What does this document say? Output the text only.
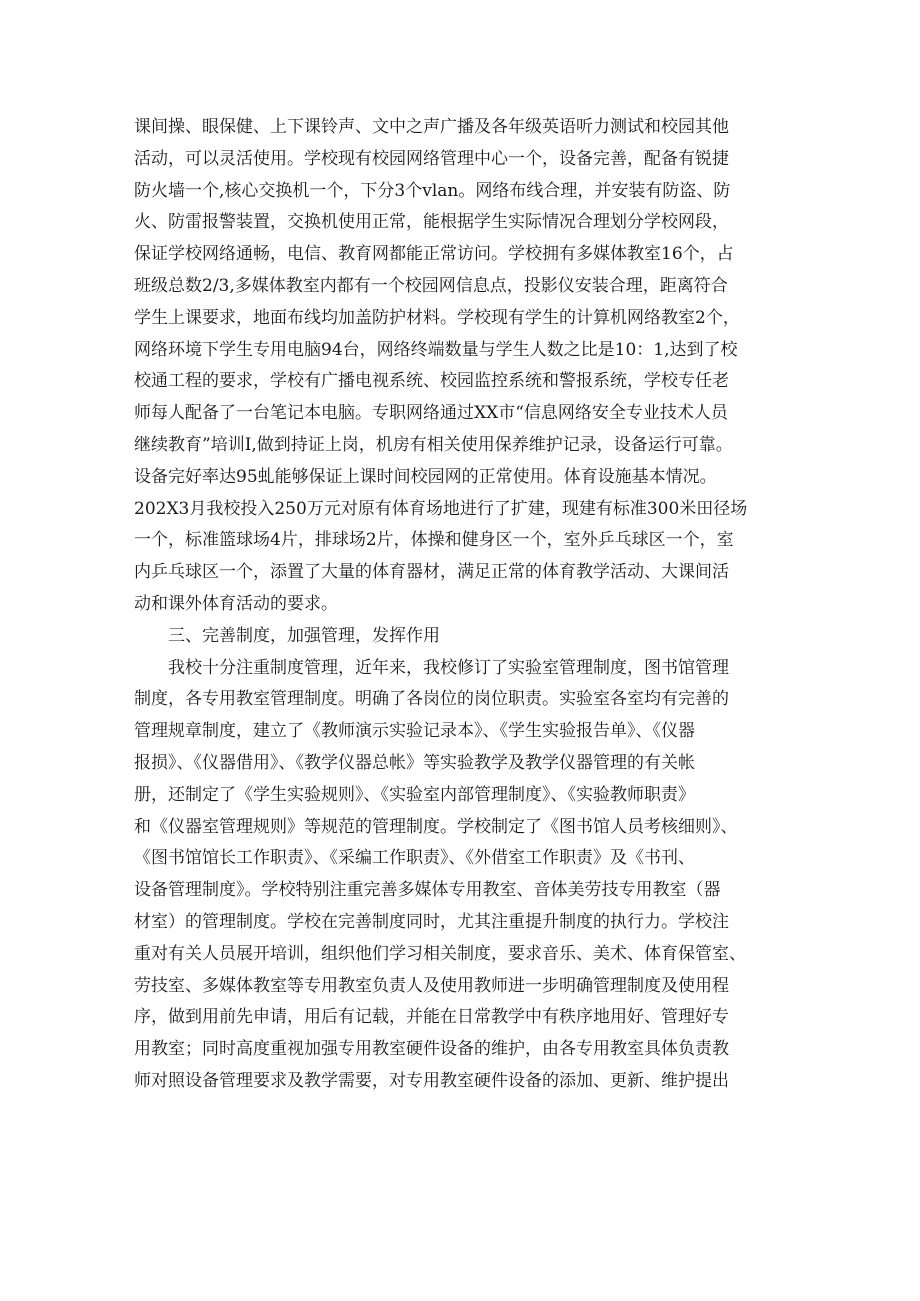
课间操、眼保健、上下课铃声、文中之声广播及各年级英语听力测试和校园其他
活动，可以灵活使用。学校现有校园网络管理中心一个，设备完善，配备有锐捷
防火墙一个,核心交换机一个，下分3个vlan。网络布线合理，并安装有防盗、防
火、防雷报警装置，交换机使用正常，能根据学生实际情况合理划分学校网段，
保证学校网络通畅，电信、教育网都能正常访问。学校拥有多媒体教室16个，占
班级总数2/3,多媒体教室内都有一个校园网信息点，投影仪安装合理，距离符合
学生上课要求，地面布线均加盖防护材料。学校现有学生的计算机网络教室2个，
网络环境下学生专用电脑94台，网络终端数量与学生人数之比是10：1,达到了校
校通工程的要求，学校有广播电视系统、校园监控系统和警报系统，学校专任老
师每人配备了一台笔记本电脑。专职网络通过XX市“信息网络安全专业技术人员
继续教育”培训I,做到持证上岗，机房有相关使用保养维护记录，设备运行可靠。
设备完好率达95虬能够保证上课时间校园网的正常使用。体育设施基本情况。
202X3月我校投入250万元对原有体育场地进行了扩建，现建有标准300米田径场
一个，标准篮球场4片，排球场2片，体操和健身区一个，室外乒乓球区一个，室
内乒乓球区一个，添置了大量的体育器材，满足正常的体育教学活动、大课间活
动和课外体育活动的要求。
三、完善制度，加强管理，发挥作用
我校十分注重制度管理，近年来，我校修订了实验室管理制度，图书馆管理
制度，各专用教室管理制度。明确了各岗位的岗位职责。实验室各室均有完善的
管理规章制度，建立了《教师演示实验记录本》、《学生实验报告单》、《仪器
报损》、《仪器借用》、《教学仪器总帐》等实验教学及教学仪器管理的有关帐
册，还制定了《学生实验规则》、《实验室内部管理制度》、《实验教师职责》
和《仪器室管理规则》等规范的管理制度。学校制定了《图书馆人员考核细则》、
《图书馆馆长工作职责》、《采编工作职责》、《外借室工作职责》及《书刊、
设备管理制度》。学校特别注重完善多媒体专用教室、音体美劳技专用教室（器
材室）的管理制度。学校在完善制度同时，尤其注重提升制度的执行力。学校注
重对有关人员展开培训，组织他们学习相关制度，要求音乐、美术、体育保管室、
劳技室、多媒体教室等专用教室负责人及使用教师进一步明确管理制度及使用程
序，做到用前先申请，用后有记载，并能在日常教学中有秩序地用好、管理好专
用教室；同时高度重视加强专用教室硬件设备的维护，由各专用教室具体负责教
师对照设备管理要求及教学需要，对专用教室硬件设备的添加、更新、维护提出
